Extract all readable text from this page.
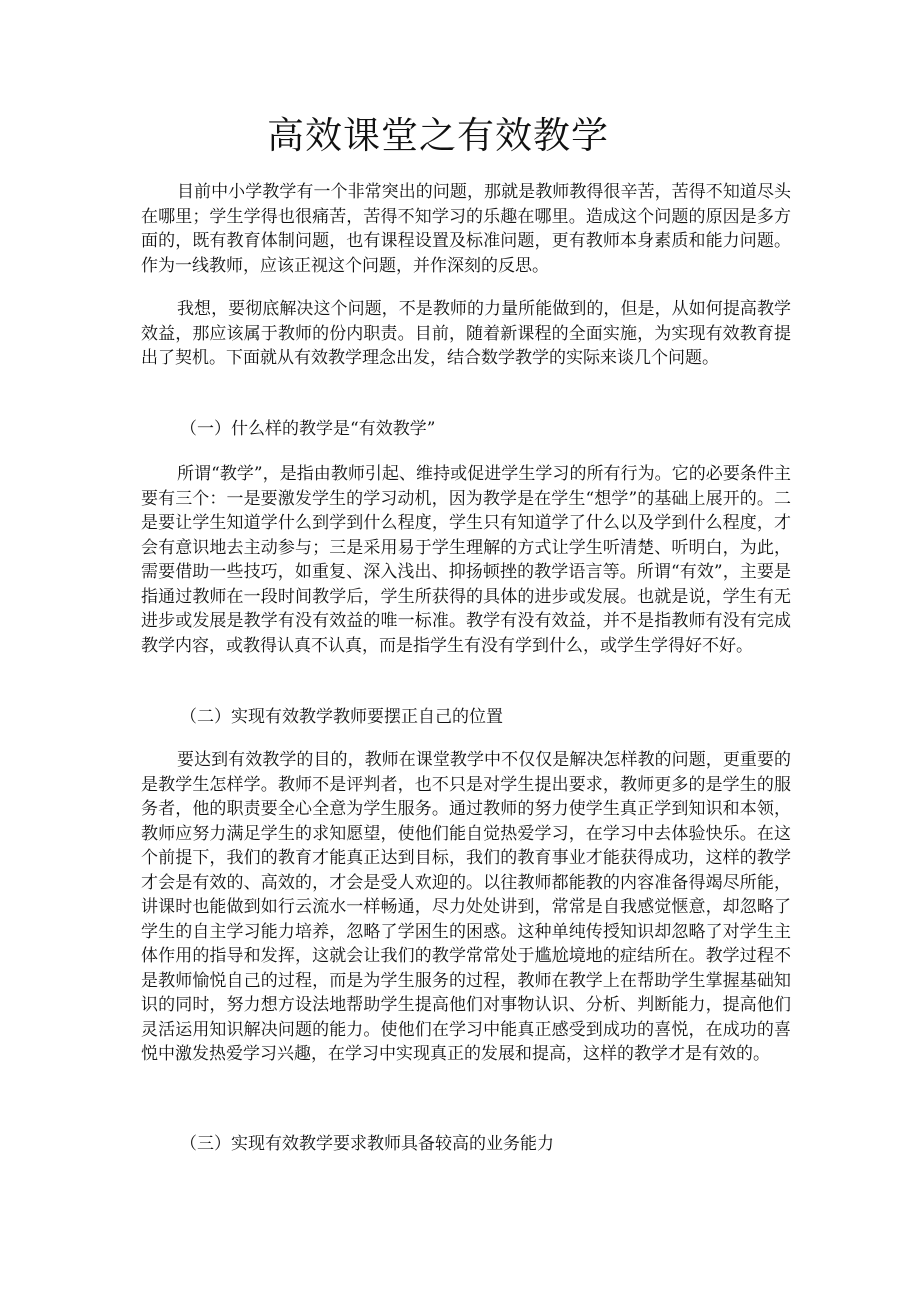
高效课堂之有效教学

目前中小学教学有一个非常突出的问题，那就是教师教得很辛苦，苦得不知道尽头在哪里；学生学得也很痛苦，苦得不知学习的乐趣在哪里。造成这个问题的原因是多方面的，既有教育体制问题，也有课程设置及标准问题，更有教师本身素质和能力问题。作为一线教师，应该正视这个问题，并作深刻的反思。

我想，要彻底解决这个问题，不是教师的力量所能做到的，但是，从如何提高教学效益，那应该属于教师的份内职责。目前，随着新课程的全面实施，为实现有效教育提出了契机。下面就从有效教学理念出发，结合数学教学的实际来谈几个问题。

（一）什么样的教学是“有效教学”

所谓“教学”，是指由教师引起、维持或促进学生学习的所有行为。它的必要条件主要有三个：一是要激发学生的学习动机，因为教学是在学生“想学”的基础上展开的。二是要让学生知道学什么到学到什么程度，学生只有知道学了什么以及学到什么程度，才会有意识地去主动参与；三是采用易于学生理解的方式让学生听清楚、听明白，为此，需要借助一些技巧，如重复、深入浅出、抑扬顿挫的教学语言等。所谓“有效”，主要是指通过教师在一段时间教学后，学生所获得的具体的进步或发展。也就是说，学生有无进步或发展是教学有没有效益的唯一标准。教学有没有效益，并不是指教师有没有完成教学内容，或教得认真不认真，而是指学生有没有学到什么，或学生学得好不好。

（二）实现有效教学教师要摆正自己的位置

要达到有效教学的目的，教师在课堂教学中不仅仅是解决怎样教的问题，更重要的是教学生怎样学。教师不是评判者，也不只是对学生提出要求，教师更多的是学生的服务者，他的职责要全心全意为学生服务。通过教师的努力使学生真正学到知识和本领，教师应努力满足学生的求知愿望，使他们能自觉热爱学习，在学习中去体验快乐。在这个前提下，我们的教育才能真正达到目标，我们的教育事业才能获得成功，这样的教学才会是有效的、高效的，才会是受人欢迎的。以往教师都能教的内容准备得竭尽所能，讲课时也能做到如行云流水一样畅通，尽力处处讲到，常常是自我感觉惬意，却忽略了学生的自主学习能力培养，忽略了学困生的困惑。这种单纯传授知识却忽略了对学生主体作用的指导和发挥，这就会让我们的教学常常处于尴尬境地的症结所在。教学过程不是教师愉悦自己的过程，而是为学生服务的过程，教师在教学上在帮助学生掌握基础知识的同时，努力想方设法地帮助学生提高他们对事物认识、分析、判断能力，提高他们灵活运用知识解决问题的能力。使他们在学习中能真正感受到成功的喜悦，在成功的喜悦中激发热爱学习兴趣，在学习中实现真正的发展和提高，这样的教学才是有效的。

（三）实现有效教学要求教师具备较高的业务能力
